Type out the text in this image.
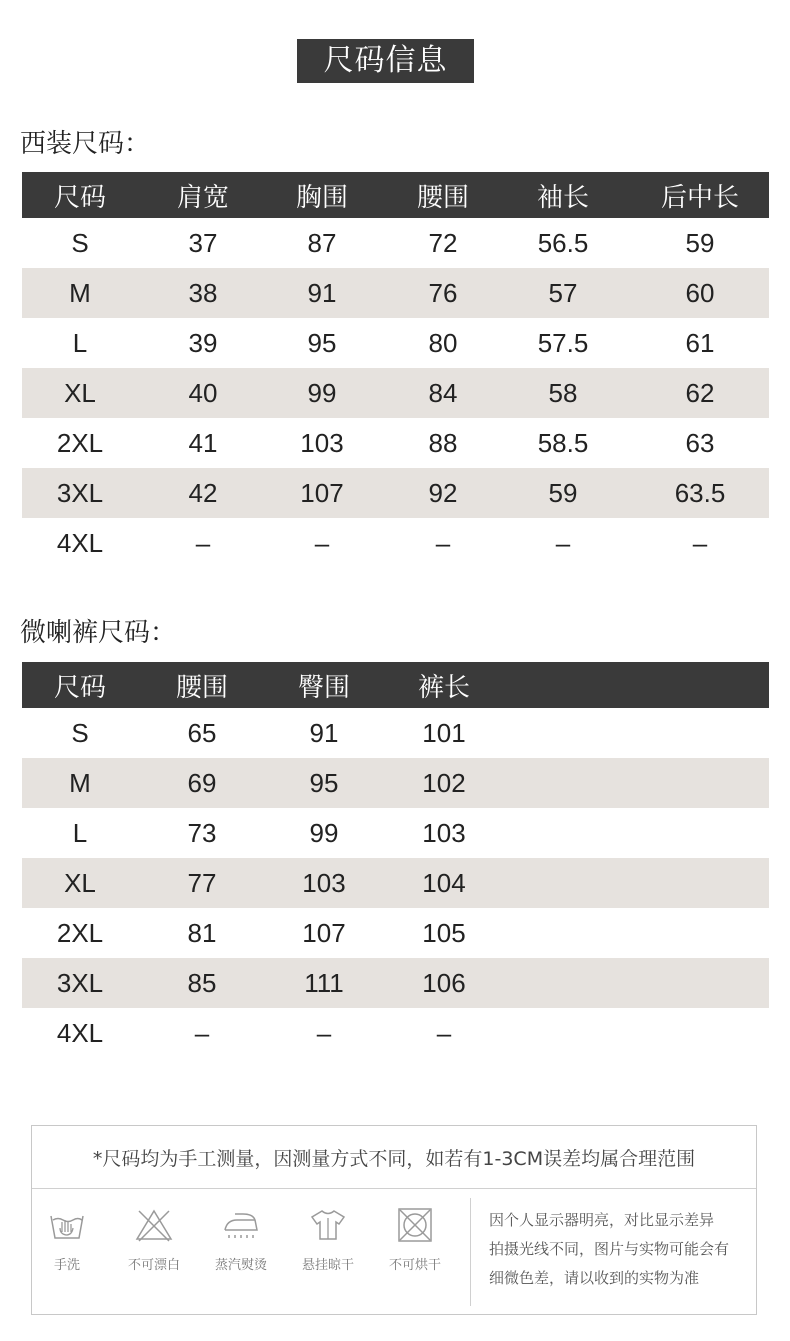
尺码信息
西装尺码：
尺码	肩宽	胸围	腰围	袖长	后中长
S	37	87	72	56.5	59
M	38	91	76	57	60
L	39	95	80	57.5	61
XL	40	99	84	58	62
2XL	41	103	88	58.5	63
3XL	42	107	92	59	63.5
4XL	–	–	–	–	–
微喇裤尺码：
尺码	腰围	臀围	裤长
S	65	91	101
M	69	95	102
L	73	99	103
XL	77	103	104
2XL	81	107	105
3XL	85	111	106
4XL	–	–	–
*尺码均为手工测量，因测量方式不同，如若有1-3CM误差均属合理范围
手洗	不可漂白	蒸汽熨烫	悬挂晾干	不可烘干
因个人显示器明亮，对比显示差异
拍摄光线不同，图片与实物可能会有
细微色差，请以收到的实物为准
